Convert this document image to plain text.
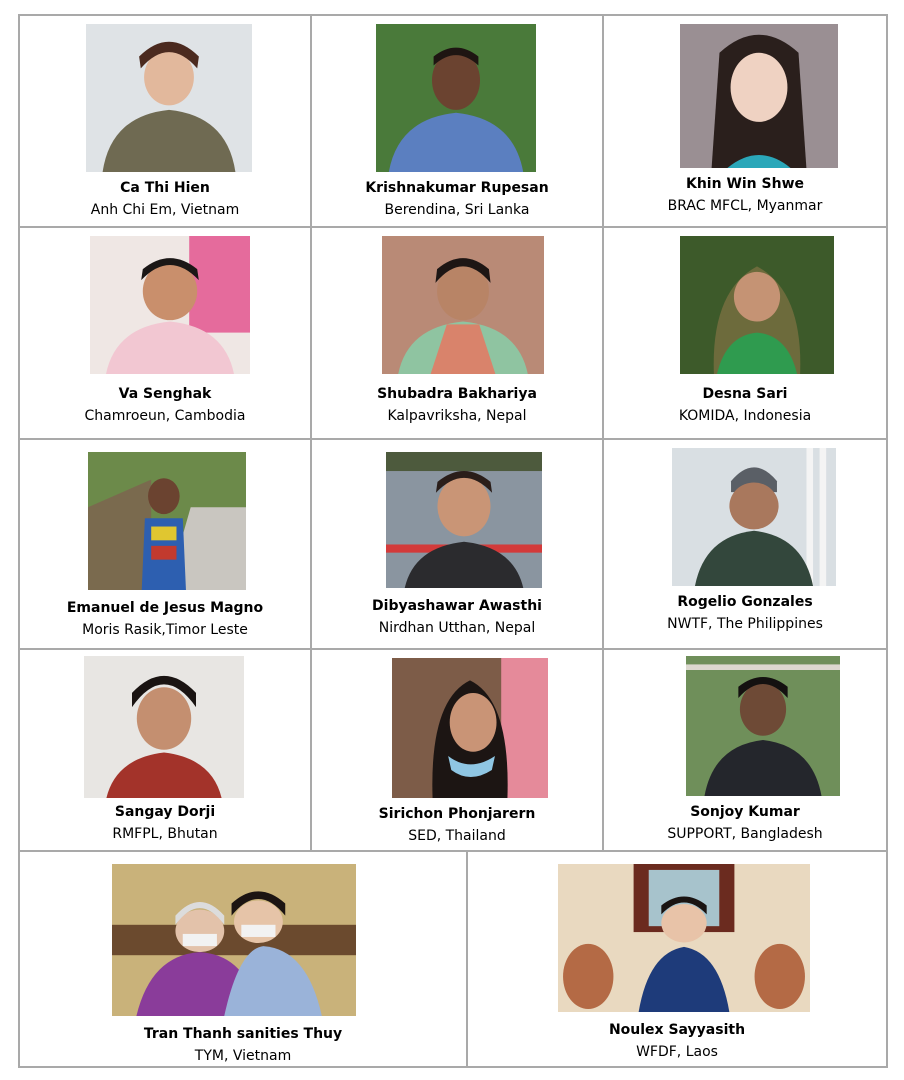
Ca Thi Hien
Anh Chi Em, Vietnam
Krishnakumar Rupesan
Berendina, Sri Lanka
Khin Win Shwe
BRAC MFCL, Myanmar
Va Senghak
Chamroeun, Cambodia
Shubadra Bakhariya
Kalpavriksha, Nepal
Desna Sari
KOMIDA, Indonesia
Emanuel de Jesus Magno
Moris Rasik,Timor Leste
Dibyashawar Awasthi
Nirdhan Utthan, Nepal
Rogelio Gonzales
NWTF, The Philippines
Sangay Dorji
RMFPL, Bhutan
Sirichon Phonjarern
SED, Thailand
Sonjoy Kumar
SUPPORT, Bangladesh
Tran Thanh sanities Thuy
TYM, Vietnam
Noulex Sayyasith
WFDF, Laos
